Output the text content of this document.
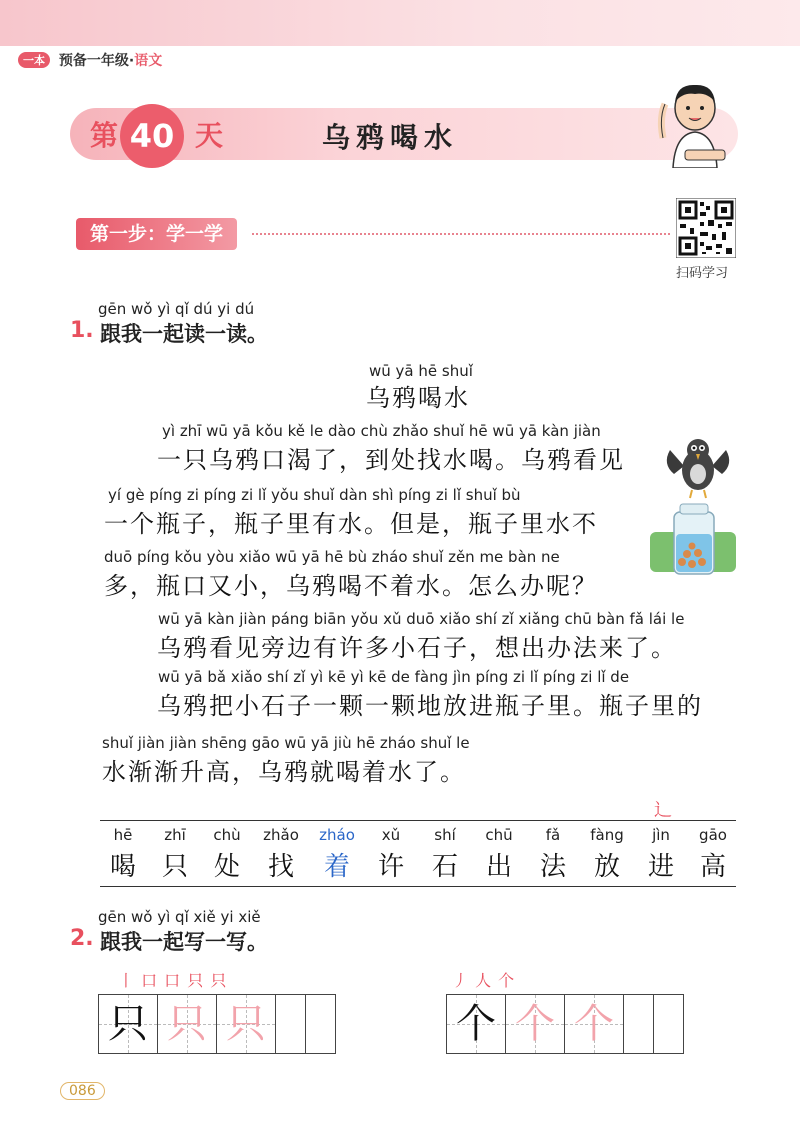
一本 预备一年级·语文
第 40 天	乌鸦喝水
第一步：学一学
扫码学习
1.
gēn wǒ yì qǐ dú yi dú
跟我一起读一读。
wū yā hē shuǐ
乌鸦喝水
yì zhī wū yā kǒu kě le dào chù zhǎo shuǐ hē wū yā kàn jiàn
一只乌鸦口渴了，到处找水喝。乌鸦看见
yí gè píng zi píng zi lǐ yǒu shuǐ dàn shì píng zi lǐ shuǐ bù
一个瓶子，瓶子里有水。但是，瓶子里水不
duō píng kǒu yòu xiǎo wū yā hē bù zháo shuǐ zěn me bàn ne
多，瓶口又小，乌鸦喝不着水。怎么办呢？
wū yā kàn jiàn páng biān yǒu xǔ duō xiǎo shí zǐ xiǎng chū bàn fǎ lái le
乌鸦看见旁边有许多小石子，想出办法来了。
wū yā bǎ xiǎo shí zǐ yì kē yì kē de fàng jìn píng zi lǐ píng zi lǐ de
乌鸦把小石子一颗一颗地放进瓶子里。瓶子里的
shuǐ jiàn jiàn shēng gāo wū yā jiù hē zháo shuǐ le
水渐渐升高，乌鸦就喝着水了。
辶
hē
喝
zhī
只
chù
处
zhǎo
找
zháo
着
xǔ
许
shí
石
chū
出
fǎ
法
fàng
放
jìn
进
gāo
高
2.
gēn wǒ yì qǐ xiě yi xiě
跟我一起写一写。
丨 口 口 只 只
只 只 只
丿 人 个
个 个 个
086
